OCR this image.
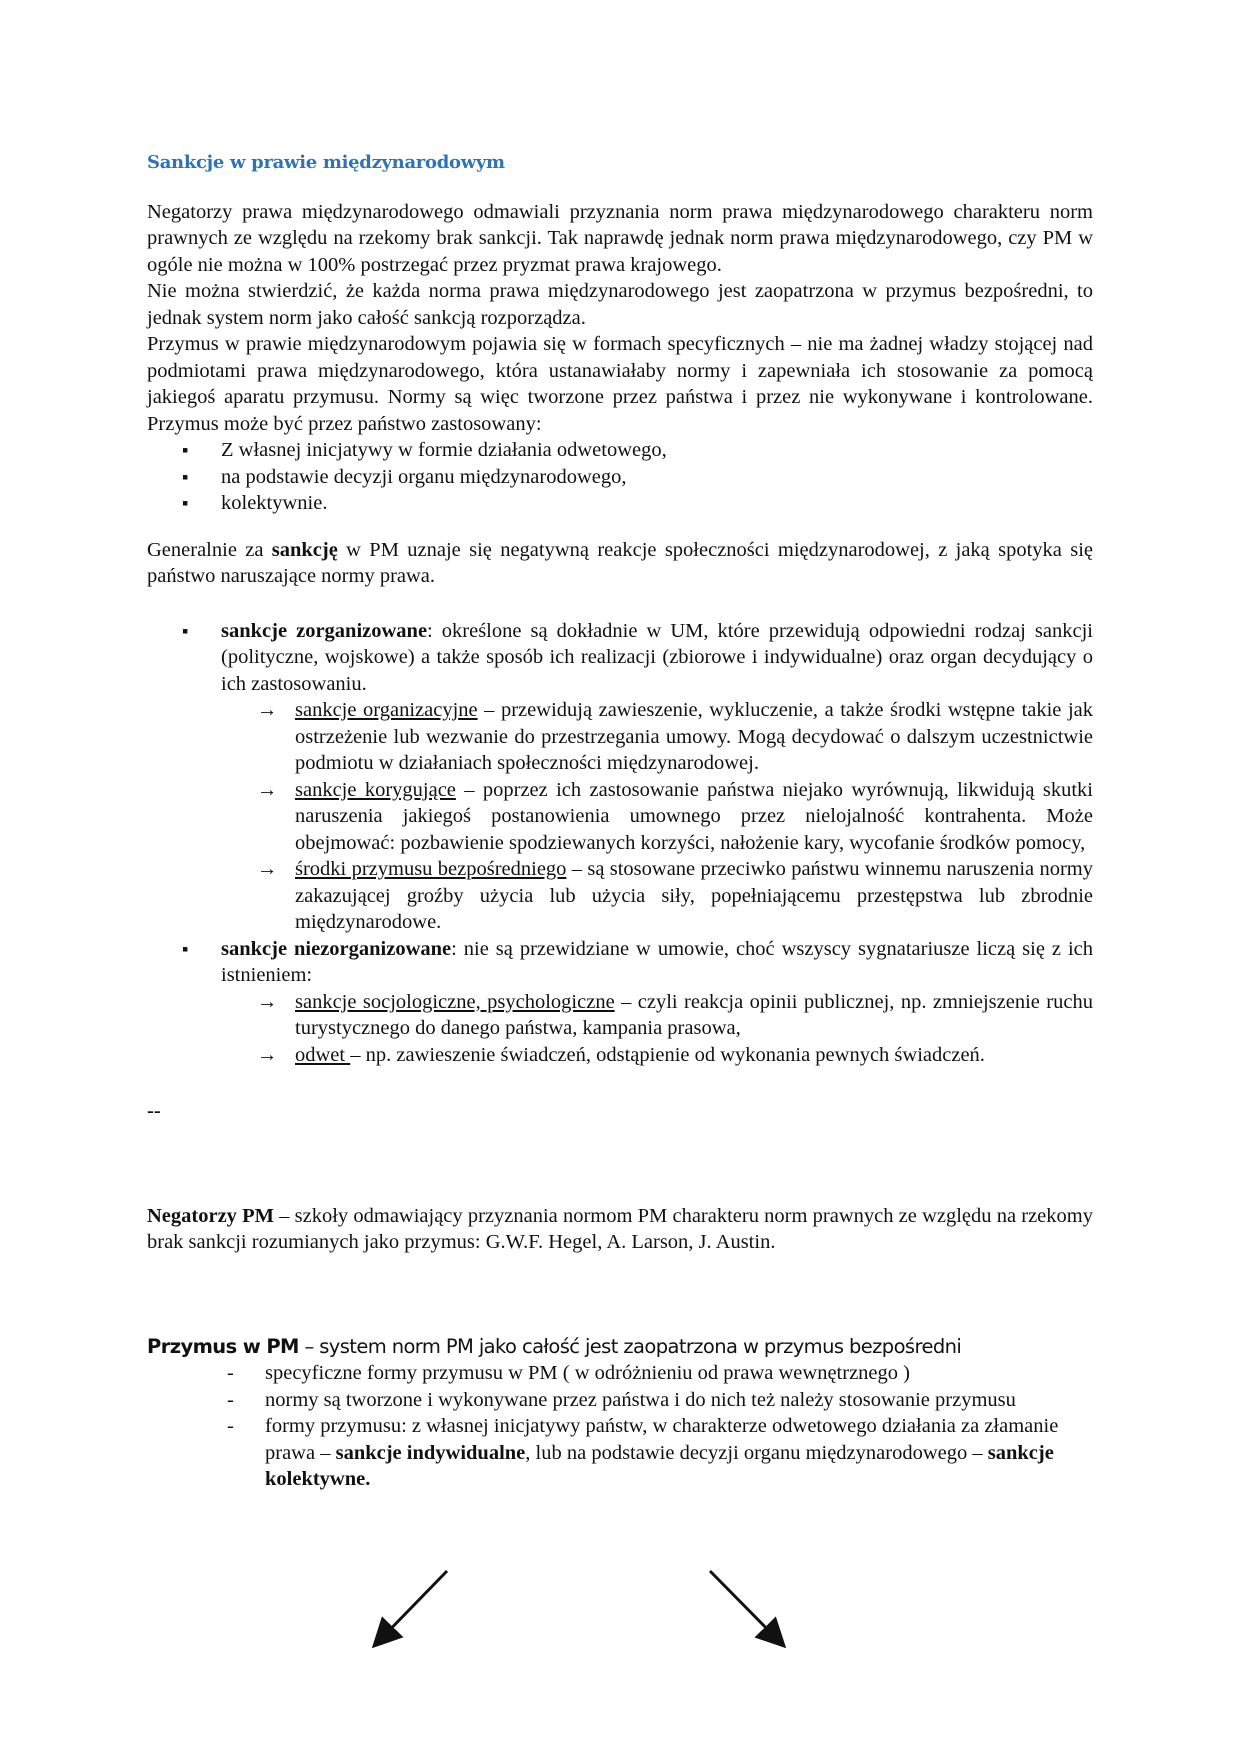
Sankcje w prawie międzynarodowym

Negatorzy prawa międzynarodowego odmawiali przyznania norm prawa międzynarodowego charakteru norm prawnych ze względu na rzekomy brak sankcji. Tak naprawdę jednak norm prawa międzynarodowego, czy PM w ogóle nie można w 100% postrzegać przez pryzmat prawa krajowego.

Nie można stwierdzić, że każda norma prawa międzynarodowego jest zaopatrzona w przymus bezpośredni, to jednak system norm jako całość sankcją rozporządza.

Przymus w prawie międzynarodowym pojawia się w formach specyficznych – nie ma żadnej władzy stojącej nad podmiotami prawa międzynarodowego, która ustanawiałaby normy i zapewniała ich stosowanie za pomocą jakiegoś aparatu przymusu. Normy są więc tworzone przez państwa i przez nie wykonywane i kontrolowane. Przymus może być przez państwo zastosowany:

▪ Z własnej inicjatywy w formie działania odwetowego,
▪ na podstawie decyzji organu międzynarodowego,
▪ kolektywnie.

Generalnie za sankcję w PM uznaje się negatywną reakcje społeczności międzynarodowej, z jaką spotyka się państwo naruszające normy prawa.

▪ sankcje zorganizowane: określone są dokładnie w UM, które przewidują odpowiedni rodzaj sankcji (polityczne, wojskowe) a także sposób ich realizacji (zbiorowe i indywidualne) oraz organ decydujący o ich zastosowaniu.
→ sankcje organizacyjne – przewidują zawieszenie, wykluczenie, a także środki wstępne takie jak ostrzeżenie lub wezwanie do przestrzegania umowy. Mogą decydować o dalszym uczestnictwie podmiotu w działaniach społeczności międzynarodowej.
→ sankcje korygujące – poprzez ich zastosowanie państwa niejako wyrównują, likwidują skutki naruszenia jakiegoś postanowienia umownego przez nielojalność kontrahenta. Może obejmować: pozbawienie spodziewanych korzyści, nałożenie kary, wycofanie środków pomocy,
→ środki przymusu bezpośredniego – są stosowane przeciwko państwu winnemu naruszenia normy zakazującej groźby użycia lub użycia siły, popełniającemu przestępstwa lub zbrodnie międzynarodowe.
▪ sankcje niezorganizowane: nie są przewidziane w umowie, choć wszyscy sygnatariusze liczą się z ich istnieniem:
→ sankcje socjologiczne, psychologiczne – czyli reakcja opinii publicznej, np. zmniejszenie ruchu turystycznego do danego państwa, kampania prasowa,
→ odwet – np. zawieszenie świadczeń, odstąpienie od wykonania pewnych świadczeń.
--

Negatorzy PM – szkoły odmawiający przyznania normom PM charakteru norm prawnych ze względu na rzekomy brak sankcji rozumianych jako przymus: G.W.F. Hegel, A. Larson, J. Austin.

Przymus w PM – system norm PM jako całość jest zaopatrzona w przymus bezpośredni
- specyficzne formy przymusu w PM ( w odróżnieniu od prawa wewnętrznego )
- normy są tworzone i wykonywane przez państwa i do nich też należy stosowanie przymusu
- formy przymusu: z własnej inicjatywy państw, w charakterze odwetowego działania za złamanie prawa – sankcje indywidualne, lub na podstawie decyzji organu międzynarodowego – sankcje kolektywne.
